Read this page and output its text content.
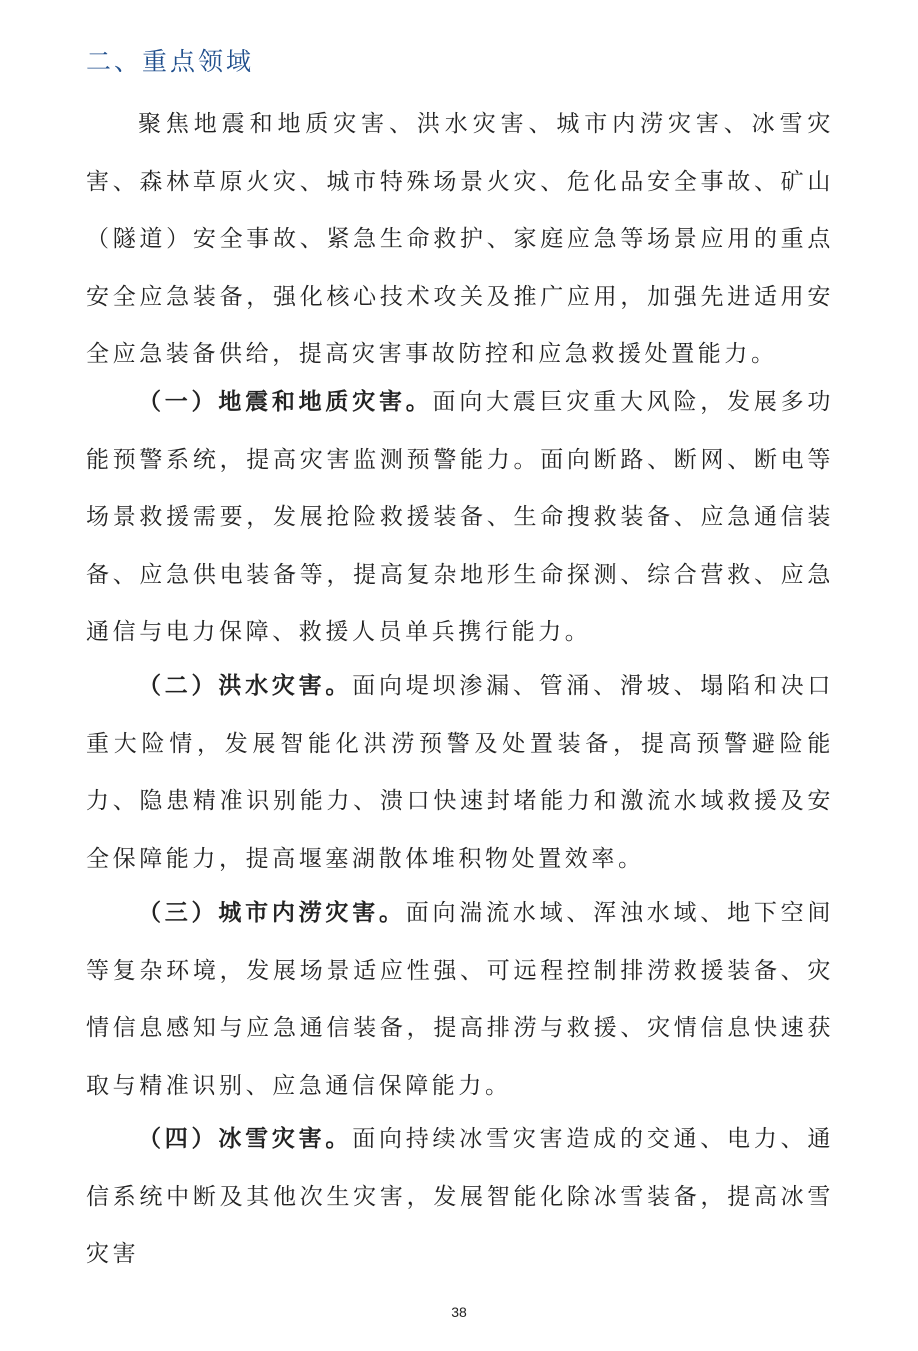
二、重点领域

聚焦地震和地质灾害、洪水灾害、城市内涝灾害、冰雪灾害、森林草原火灾、城市特殊场景火灾、危化品安全事故、矿山（隧道）安全事故、紧急生命救护、家庭应急等场景应用的重点安全应急装备，强化核心技术攻关及推广应用，加强先进适用安全应急装备供给，提高灾害事故防控和应急救援处置能力。

（一）地震和地质灾害。面向大震巨灾重大风险，发展多功能预警系统，提高灾害监测预警能力。面向断路、断网、断电等场景救援需要，发展抢险救援装备、生命搜救装备、应急通信装备、应急供电装备等，提高复杂地形生命探测、综合营救、应急通信与电力保障、救援人员单兵携行能力。

（二）洪水灾害。面向堤坝渗漏、管涌、滑坡、塌陷和决口重大险情，发展智能化洪涝预警及处置装备，提高预警避险能力、隐患精准识别能力、溃口快速封堵能力和激流水域救援及安全保障能力，提高堰塞湖散体堆积物处置效率。

（三）城市内涝灾害。面向湍流水域、浑浊水域、地下空间等复杂环境，发展场景适应性强、可远程控制排涝救援装备、灾情信息感知与应急通信装备，提高排涝与救援、灾情信息快速获取与精准识别、应急通信保障能力。

（四）冰雪灾害。面向持续冰雪灾害造成的交通、电力、通信系统中断及其他次生灾害，发展智能化除冰雪装备，提高冰雪灾害

38
